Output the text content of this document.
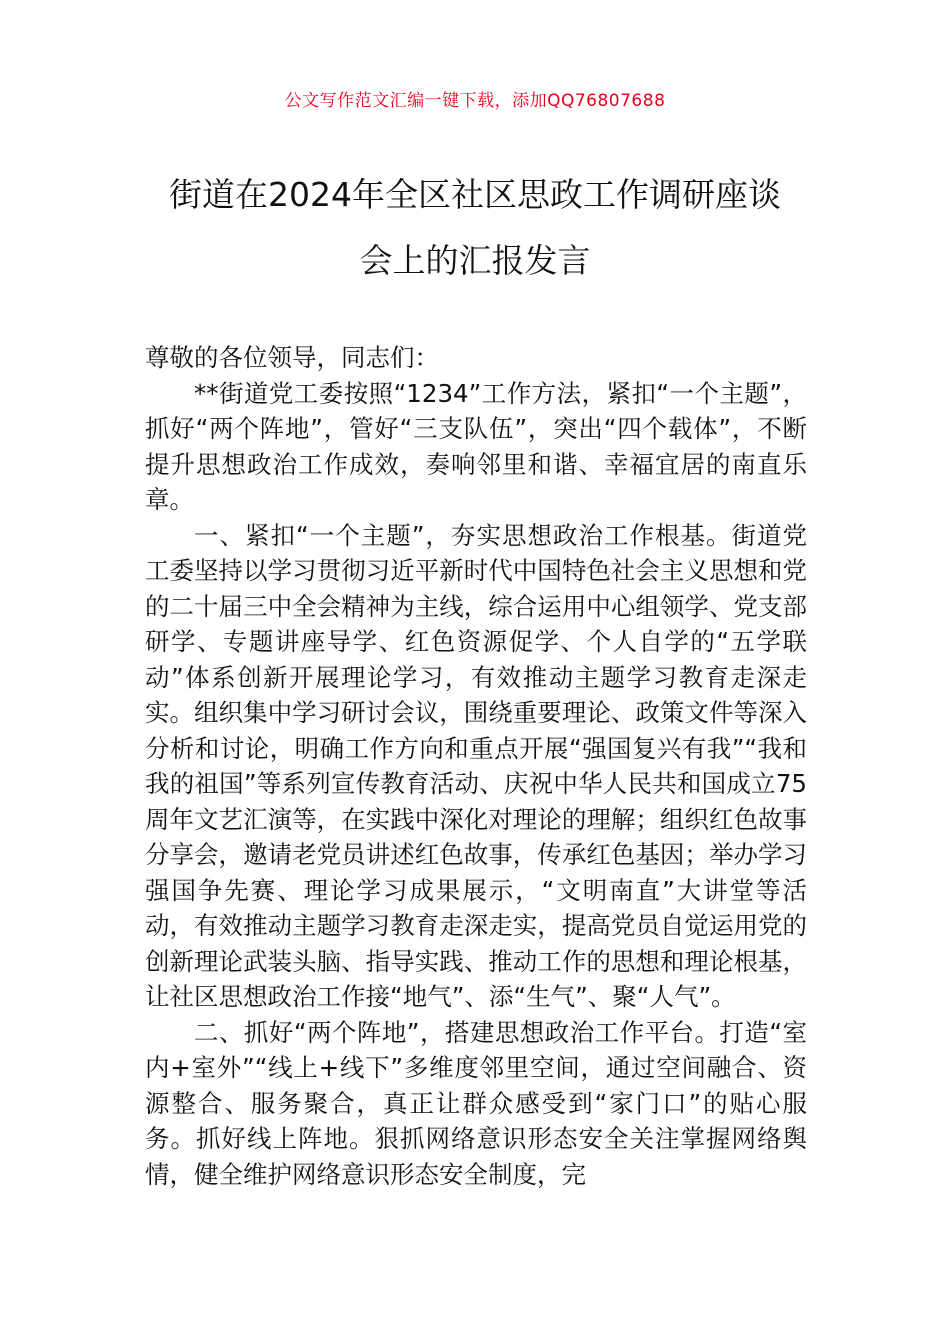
公文写作范文汇编一键下载，添加QQ76807688
街道在2024年全区社区思政工作调研座谈
会上的汇报发言

尊敬的各位领导，同志们：

**街道党工委按照“1234”工作方法，紧扣“一个主题”，抓好“两个阵地”，管好“三支队伍”，突出“四个载体”，不断提升思想政治工作成效，奏响邻里和谐、幸福宜居的南直乐章。

一、紧扣“一个主题”，夯实思想政治工作根基。街道党工委坚持以学习贯彻习近平新时代中国特色社会主义思想和党的二十届三中全会精神为主线，综合运用中心组领学、党支部研学、专题讲座导学、红色资源促学、个人自学的“五学联动”体系创新开展理论学习，有效推动主题学习教育走深走实。组织集中学习研讨会议，围绕重要理论、政策文件等深入分析和讨论，明确工作方向和重点开展“强国复兴有我”“我和我的祖国”等系列宣传教育活动、庆祝中华人民共和国成立75周年文艺汇演等，在实践中深化对理论的理解；组织红色故事分享会，邀请老党员讲述红色故事，传承红色基因；举办学习强国争先赛、理论学习成果展示，“文明南直”大讲堂等活动，有效推动主题学习教育走深走实，提高党员自觉运用党的创新理论武装头脑、指导实践、推动工作的思想和理论根基，让社区思想政治工作接“地气”、添“生气”、聚“人气”。

二、抓好“两个阵地”，搭建思想政治工作平台。打造“室内+室外”“线上+线下”多维度邻里空间，通过空间融合、资源整合、服务聚合，真正让群众感受到“家门口”的贴心服务。抓好线上阵地。狠抓网络意识形态安全关注掌握网络舆情，健全维护网络意识形态安全制度，完
